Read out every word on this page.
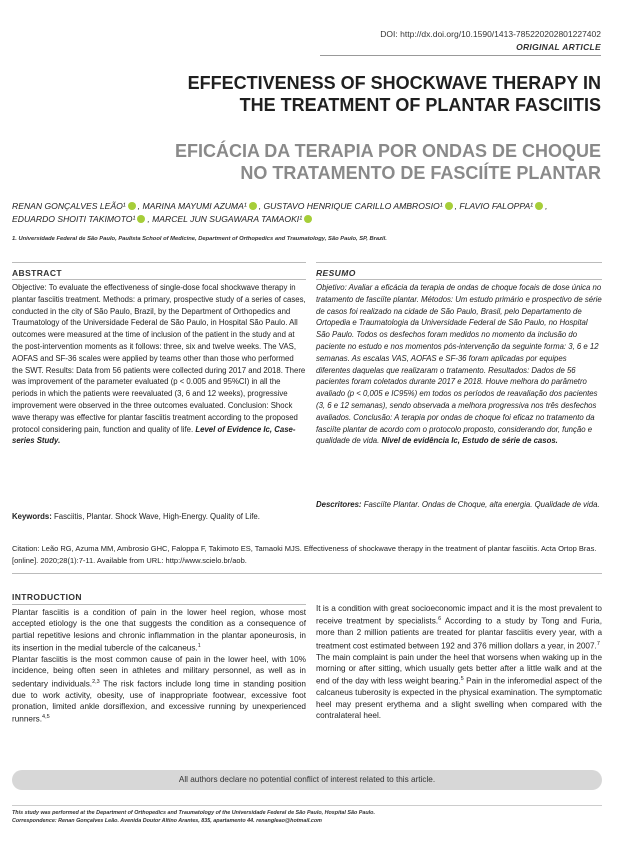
DOI: http://dx.doi.org/10.1590/1413-785220202801227402
ORIGINAL ARTICLE
EFFECTIVENESS OF SHOCKWAVE THERAPY IN
THE TREATMENT OF PLANTAR FASCIITIS
EFICÁCIA DA TERAPIA POR ONDAS DE CHOQUE
NO TRATAMENTO DE FASCIÍTE PLANTAR
RENAN GONÇALVES LEÃO¹ , MARINA MAYUMI AZUMA¹ , GUSTAVO HENRIQUE CARILLO AMBROSIO¹ , FLAVIO FALOPPA¹ ,
EDUARDO SHOITI TAKIMOTO¹ , MARCEL JUN SUGAWARA TAMAOKI¹
1. Universidade Federal de São Paulo, Paulista School of Medicine, Department of Orthopedics and Traumatology, São Paulo, SP, Brazil.
ABSTRACT
Objective: To evaluate the effectiveness of single-dose focal shockwave therapy in plantar fasciitis treatment. Methods: a primary, prospective study of a series of cases, conducted in the city of São Paulo, Brazil, by the Department of Orthopedics and Traumatology of the Universidade Federal de São Paulo, in Hospital São Paulo. All outcomes were measured at the time of inclusion of the patient in the study and at the post-intervention moments as it follows: three, six and twelve weeks. The VAS, AOFAS and SF-36 scales were applied by teams other than those who performed the SWT. Results: Data from 56 patients were collected during 2017 and 2018. There was improvement of the parameter evaluated (p < 0.005 and 95%CI) in all the periods in which the patients were reevaluated (3, 6 and 12 weeks), progressive improvement were observed in the three outcomes evaluated. Conclusion: Shock wave therapy was effective for plantar fasciitis treatment according to the proposed protocol considering pain, function and quality of life. Level of Evidence Ic, Case-series Study.
Keywords: Fasciitis, Plantar. Shock Wave, High-Energy. Quality of Life.
RESUMO
Objetivo: Avaliar a eficácia da terapia de ondas de choque focais de dose única no tratamento de fasciíte plantar. Métodos: Um estudo primário e prospectivo de série de casos foi realizado na cidade de São Paulo, Brasil, pelo Departamento de Ortopedia e Traumatologia da Universidade Federal de São Paulo, no Hospital São Paulo. Todos os desfechos foram medidos no momento da inclusão do paciente no estudo e nos momentos pós-intervenção da seguinte forma: 3, 6 e 12 semanas. As escalas VAS, AOFAS e SF-36 foram aplicadas por equipes diferentes daquelas que realizaram o tratamento. Resultados: Dados de 56 pacientes foram coletados durante 2017 e 2018. Houve melhora do parâmetro avaliado (p < 0,005 e IC95%) em todos os períodos de reavaliação dos pacientes (3, 6 e 12 semanas), sendo observada a melhora progressiva nos três desfechos avaliados. Conclusão: A terapia por ondas de choque foi eficaz no tratamento da fasciíte plantar de acordo com o protocolo proposto, considerando dor, função e qualidade de vida. Nível de evidência Ic, Estudo de série de casos.
Descritores: Fasciíte Plantar. Ondas de Choque, alta energia. Qualidade de vida.
Citation: Leão RG, Azuma MM, Ambrosio GHC, Faloppa F, Takimoto ES, Tamaoki MJS. Effectiveness of shockwave therapy in the treatment of plantar fasciitis. Acta Ortop Bras. [online]. 2020;28(1):7-11. Available from URL: http://www.scielo.br/aob.
INTRODUCTION

Plantar fasciitis is a condition of pain in the lower heel region, whose most accepted etiology is the one that suggests the condition as a consequence of partial repetitive lesions and chronic inflammation in the plantar aponeurosis, in its insertion in the medial tubercle of the calcaneus.$^1$

Plantar fasciitis is the most common cause of pain in the lower heel, with 10% incidence, being often seen in athletes and military personnel, as well as in sedentary individuals.$^{2,3}$ The risk factors include long time in standing position due to work activity, obesity, use of inappropriate footwear, excessive foot pronation, limited ankle dorsiflexion, and excessive running by unexperienced runners.$^{4,5}$

It is a condition with great socioeconomic impact and it is the most prevalent to receive treatment by specialists.$^6$ According to a study by Tong and Furia, more than 2 million patients are treated for plantar fasciitis every year, with a treatment cost estimated between 192 and 376 million dollars a year, in 2007.$^7$

The main complaint is pain under the heel that worsens when waking up in the morning or after sitting, which usually gets better after a little walk and at the end of the day with less weight bearing.$^5$ Pain in the inferomedial aspect of the calcaneus tuberosity is expected in the physical examination. The symptomatic heel may present erythema and a slight swelling when compared with the contralateral heel.

All authors declare no potential conflict of interest related to this article.
This study was performed at the Department of Orthopedics and Traumatology of the Universidade Federal de São Paulo, Hospital São Paulo.
Correspondence: Renan Gonçalves Leão. Avenida Doutor Altino Arantes, 835, apartamento 44. renangleao@hotmail.com
